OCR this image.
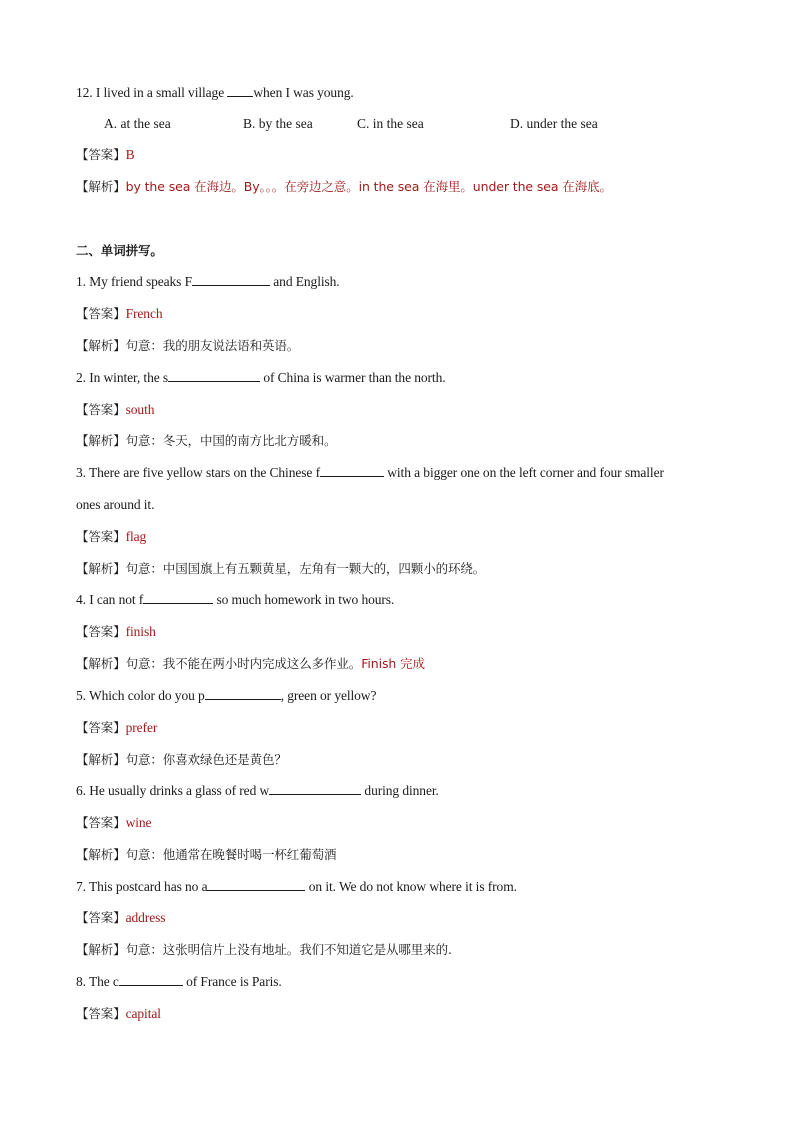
12. I lived in a small village when I was young.
A. at the sea	B. by the sea	C. in the sea	D. under the sea
【答案】B
【解析】by the sea 在海边。By。。。在旁边之意。in the sea 在海里。under the sea 在海底。
二、单词拼写。
1. My friend speaks F	and English.
【答案】French
【解析】句意：我的朋友说法语和英语。
2. In winter, the s	of China is warmer than the north.
【答案】south
【解析】句意：冬天，中国的南方比北方暖和。
3. There are five yellow stars on the Chinese f	with a bigger one on the left corner and four smaller
ones around it.
【答案】flag
【解析】句意：中国国旗上有五颗黄星，左角有一颗大的，四颗小的环绕。
4. I can not f	so much homework in two hours.
【答案】finish
【解析】句意：我不能在两小时内完成这么多作业。Finish 完成
5. Which color do you p	, green or yellow?
【答案】prefer
【解析】句意：你喜欢绿色还是黄色？
6. He usually drinks a glass of red w	during dinner.
【答案】wine
【解析】句意：他通常在晚餐时喝一杯红葡萄酒
7. This postcard has no a	on it. We do not know where it is from.
【答案】address
【解析】句意：这张明信片上没有地址。我们不知道它是从哪里来的.
8. The c	of France is Paris.
【答案】capital
